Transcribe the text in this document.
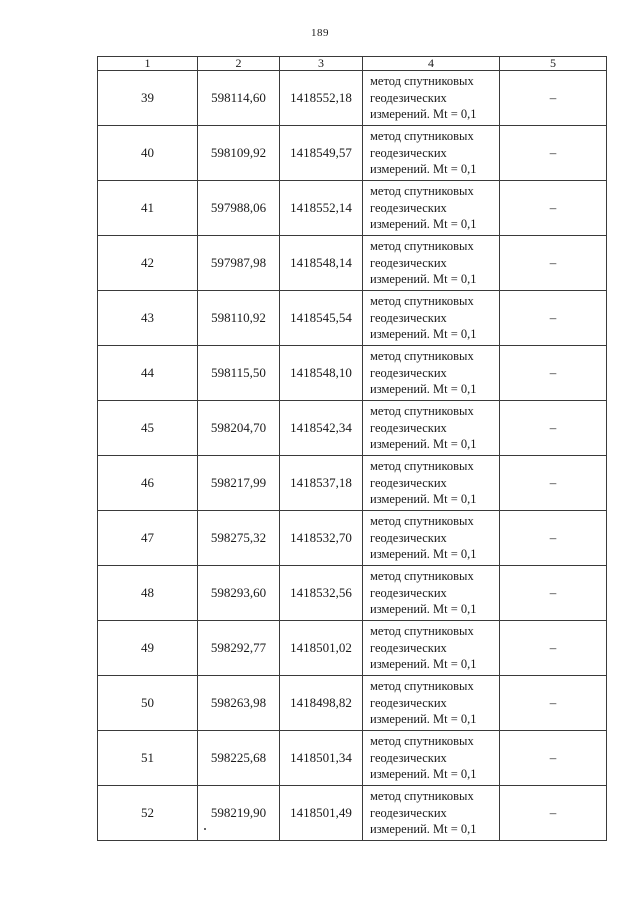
189
1	2	3	4	5
39	598114,60	1418552,18	метод спутниковых
геодезических
измерений. Mt = 0,1	–
40	598109,92	1418549,57	метод спутниковых
геодезических
измерений. Mt = 0,1	–
41	597988,06	1418552,14	метод спутниковых
геодезических
измерений. Mt = 0,1	–
42	597987,98	1418548,14	метод спутниковых
геодезических
измерений. Mt = 0,1	–
43	598110,92	1418545,54	метод спутниковых
геодезических
измерений. Mt = 0,1	–
44	598115,50	1418548,10	метод спутниковых
геодезических
измерений. Mt = 0,1	–
45	598204,70	1418542,34	метод спутниковых
геодезических
измерений. Mt = 0,1	–
46	598217,99	1418537,18	метод спутниковых
геодезических
измерений. Mt = 0,1	–
47	598275,32	1418532,70	метод спутниковых
геодезических
измерений. Mt = 0,1	–
48	598293,60	1418532,56	метод спутниковых
геодезических
измерений. Mt = 0,1	–
49	598292,77	1418501,02	метод спутниковых
геодезических
измерений. Mt = 0,1	–
50	598263,98	1418498,82	метод спутниковых
геодезических
измерений. Mt = 0,1	–
51	598225,68	1418501,34	метод спутниковых
геодезических
измерений. Mt = 0,1	–
52	598219,90	1418501,49	метод спутниковых
геодезических
измерений. Mt = 0,1	–
